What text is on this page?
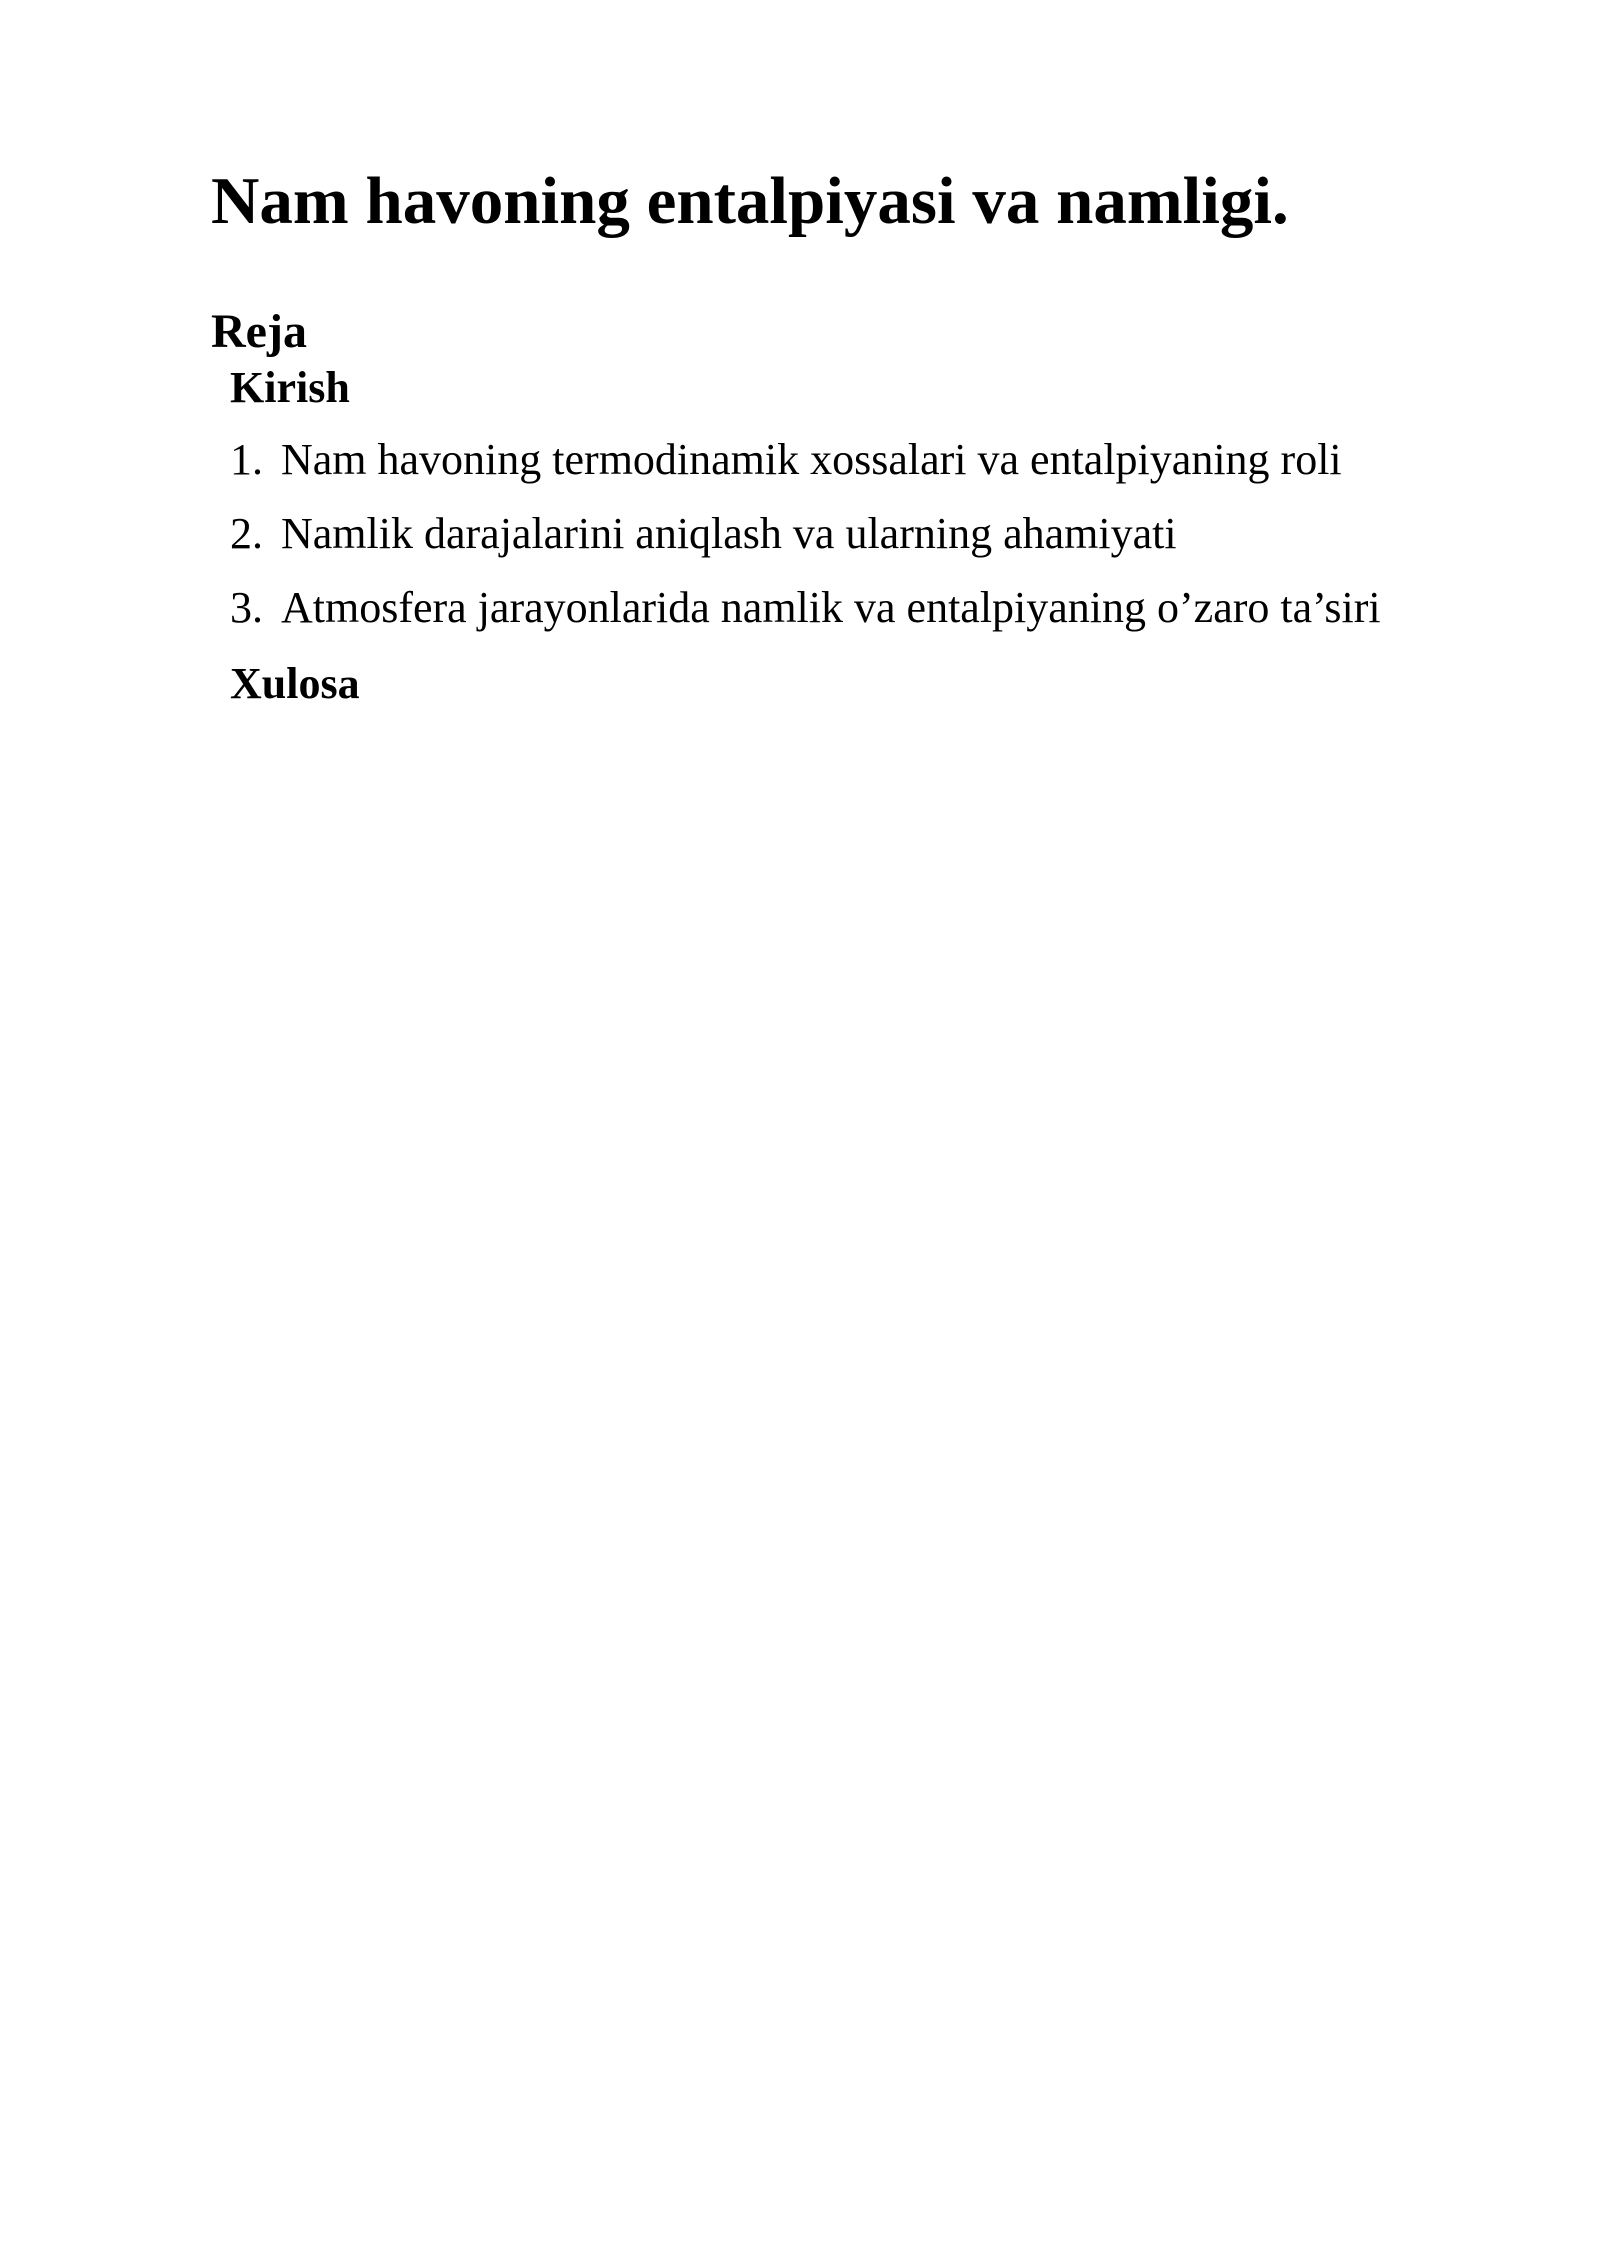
Nam havoning entalpiyasi va namligi.
Reja
Kirish
1. Nam havoning termodinamik xossalari va entalpiyaning roli
2. Namlik darajalarini aniqlash va ularning ahamiyati
3. Atmosfera jarayonlarida namlik va entalpiyaning o’zaro ta’siri
Xulosa
